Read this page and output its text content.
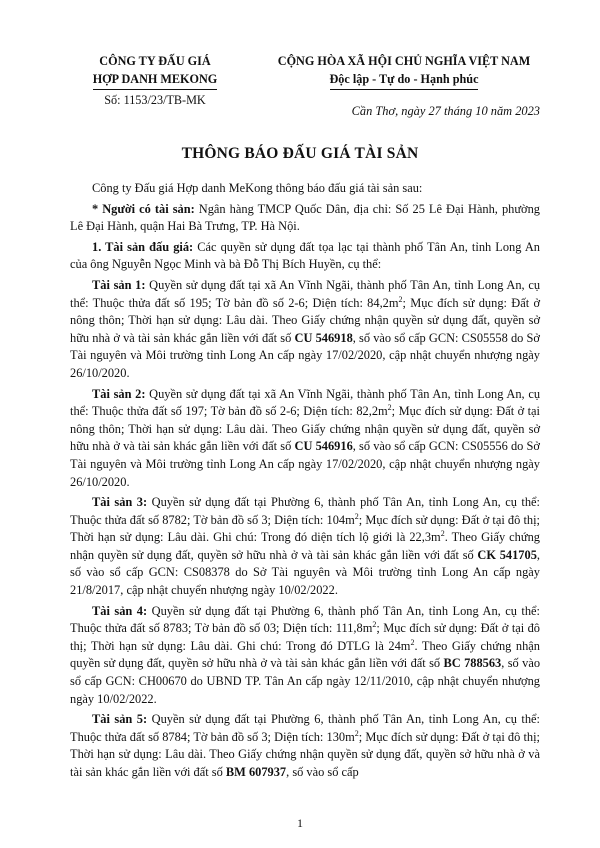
CÔNG TY ĐẤU GIÁ
HỢP DANH MEKONG
Số: 1153/23/TB-MK
CỘNG HÒA XÃ HỘI CHỦ NGHĨA VIỆT NAM
Độc lập - Tự do - Hạnh phúc
Cần Thơ, ngày 27 tháng 10 năm 2023
THÔNG BÁO ĐẤU GIÁ TÀI SẢN

Công ty Đấu giá Hợp danh MeKong thông báo đấu giá tài sản sau:

* Người có tài sản: Ngân hàng TMCP Quốc Dân, địa chỉ: Số 25 Lê Đại Hành, phường Lê Đại Hành, quận Hai Bà Trưng, TP. Hà Nội.

1. Tài sản đấu giá: Các quyền sử dụng đất tọa lạc tại thành phố Tân An, tỉnh Long An của ông Nguyễn Ngọc Minh và bà Đỗ Thị Bích Huyền, cụ thể:

Tài sản 1: Quyền sử dụng đất tại xã An Vĩnh Ngãi, thành phố Tân An, tỉnh Long An, cụ thể: Thuộc thửa đất số 195; Tờ bản đồ số 2-6; Diện tích: $84,2m^2$; Mục đích sử dụng: Đất ở nông thôn; Thời hạn sử dụng: Lâu dài. Theo Giấy chứng nhận quyền sử dụng đất, quyền sở hữu nhà ở và tài sản khác gắn liền với đất số CU 546918, số vào sổ cấp GCN: CS05558 do Sở Tài nguyên và Môi trường tỉnh Long An cấp ngày 17/02/2020, cập nhật chuyển nhượng ngày 26/10/2020.

Tài sản 2: Quyền sử dụng đất tại xã An Vĩnh Ngãi, thành phố Tân An, tỉnh Long An, cụ thể: Thuộc thửa đất số 197; Tờ bản đồ số 2-6; Diện tích: $82,2m^2$; Mục đích sử dụng: Đất ở tại nông thôn; Thời hạn sử dụng: Lâu dài. Theo Giấy chứng nhận quyền sử dụng đất, quyền sở hữu nhà ở và tài sản khác gắn liền với đất số CU 546916, số vào sổ cấp GCN: CS05556 do Sở Tài nguyên và Môi trường tỉnh Long An cấp ngày 17/02/2020, cập nhật chuyển nhượng ngày 26/10/2020.

Tài sản 3: Quyền sử dụng đất tại Phường 6, thành phố Tân An, tỉnh Long An, cụ thể: Thuộc thửa đất số 8782; Tờ bản đồ số 3; Diện tích: $104m^2$; Mục đích sử dụng: Đất ở tại đô thị; Thời hạn sử dụng: Lâu dài. Ghi chú: Trong đó diện tích lộ giới là $22,3m^2$. Theo Giấy chứng nhận quyền sử dụng đất, quyền sở hữu nhà ở và tài sản khác gắn liền với đất số CK 541705, số vào sổ cấp GCN: CS08378 do Sở Tài nguyên và Môi trường tỉnh Long An cấp ngày 21/8/2017, cập nhật chuyển nhượng ngày 10/02/2022.

Tài sản 4: Quyền sử dụng đất tại Phường 6, thành phố Tân An, tỉnh Long An, cụ thể: Thuộc thửa đất số 8783; Tờ bản đồ số 03; Diện tích: $111,8m^2$; Mục đích sử dụng: Đất ở tại đô thị; Thời hạn sử dụng: Lâu dài. Ghi chú: Trong đó DTLG là $24m^2$. Theo Giấy chứng nhận quyền sử dụng đất, quyền sở hữu nhà ở và tài sản khác gắn liền với đất số BC 788563, số vào sổ cấp GCN: CH00670 do UBND TP. Tân An cấp ngày 12/11/2010, cập nhật chuyển nhượng ngày 10/02/2022.

Tài sản 5: Quyền sử dụng đất tại Phường 6, thành phố Tân An, tỉnh Long An, cụ thể: Thuộc thửa đất số 8784; Tờ bản đồ số 3; Diện tích: $130m^2$; Mục đích sử dụng: Đất ở tại đô thị; Thời hạn sử dụng: Lâu dài. Theo Giấy chứng nhận quyền sử dụng đất, quyền sở hữu nhà ở và tài sản khác gắn liền với đất số BM 607937, số vào sổ cấp

1
